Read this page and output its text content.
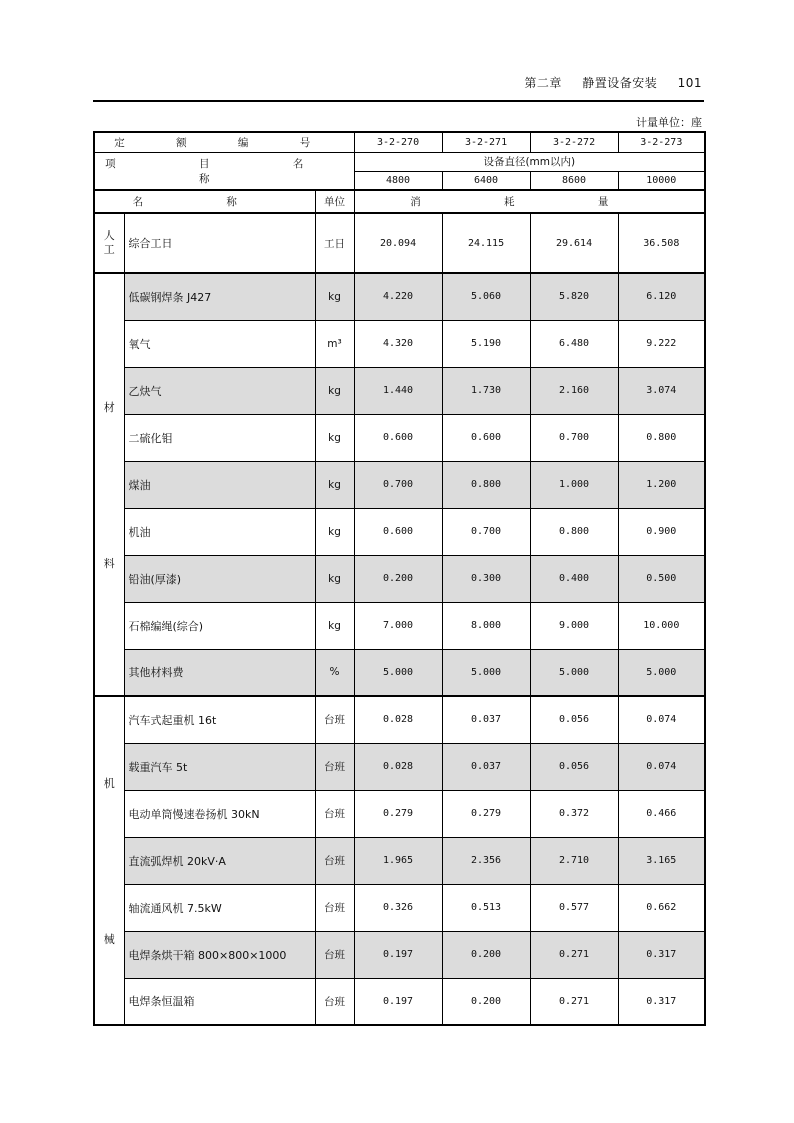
第二章 静置设备安装 101
计量单位：座
定 额 编 号			3-2-270	3-2-271	3-2-272	3-2-273
项 目 名 称			设备直径(mm以内)			
			4800	6400	8600	10000
名 称		单位	消 耗 量			
人工	综合工日	工日	20.094	24.115	29.614	36.508

材
料	低碳钢焊条 J427	kg	4.220	5.060	5.820	6.120
	氧气	m³	4.320	5.190	6.480	9.222
	乙炔气	kg	1.440	1.730	2.160	3.074
	二硫化钼	kg	0.600	0.600	0.700	0.800
	煤油	kg	0.700	0.800	1.000	1.200
	机油	kg	0.600	0.700	0.800	0.900
	铅油(厚漆)	kg	0.200	0.300	0.400	0.500
	石棉编绳(综合)	kg	7.000	8.000	9.000	10.000
	其他材料费	%	5.000	5.000	5.000	5.000

机
械	汽车式起重机 16t	台班	0.028	0.037	0.056	0.074
	载重汽车 5t	台班	0.028	0.037	0.056	0.074
	电动单筒慢速卷扬机 30kN	台班	0.279	0.279	0.372	0.466
	直流弧焊机 20kV·A	台班	1.965	2.356	2.710	3.165
	轴流通风机 7.5kW	台班	0.326	0.513	0.577	0.662
	电焊条烘干箱 800×800×1000	台班	0.197	0.200	0.271	0.317
	电焊条恒温箱	台班	0.197	0.200	0.271	0.317
